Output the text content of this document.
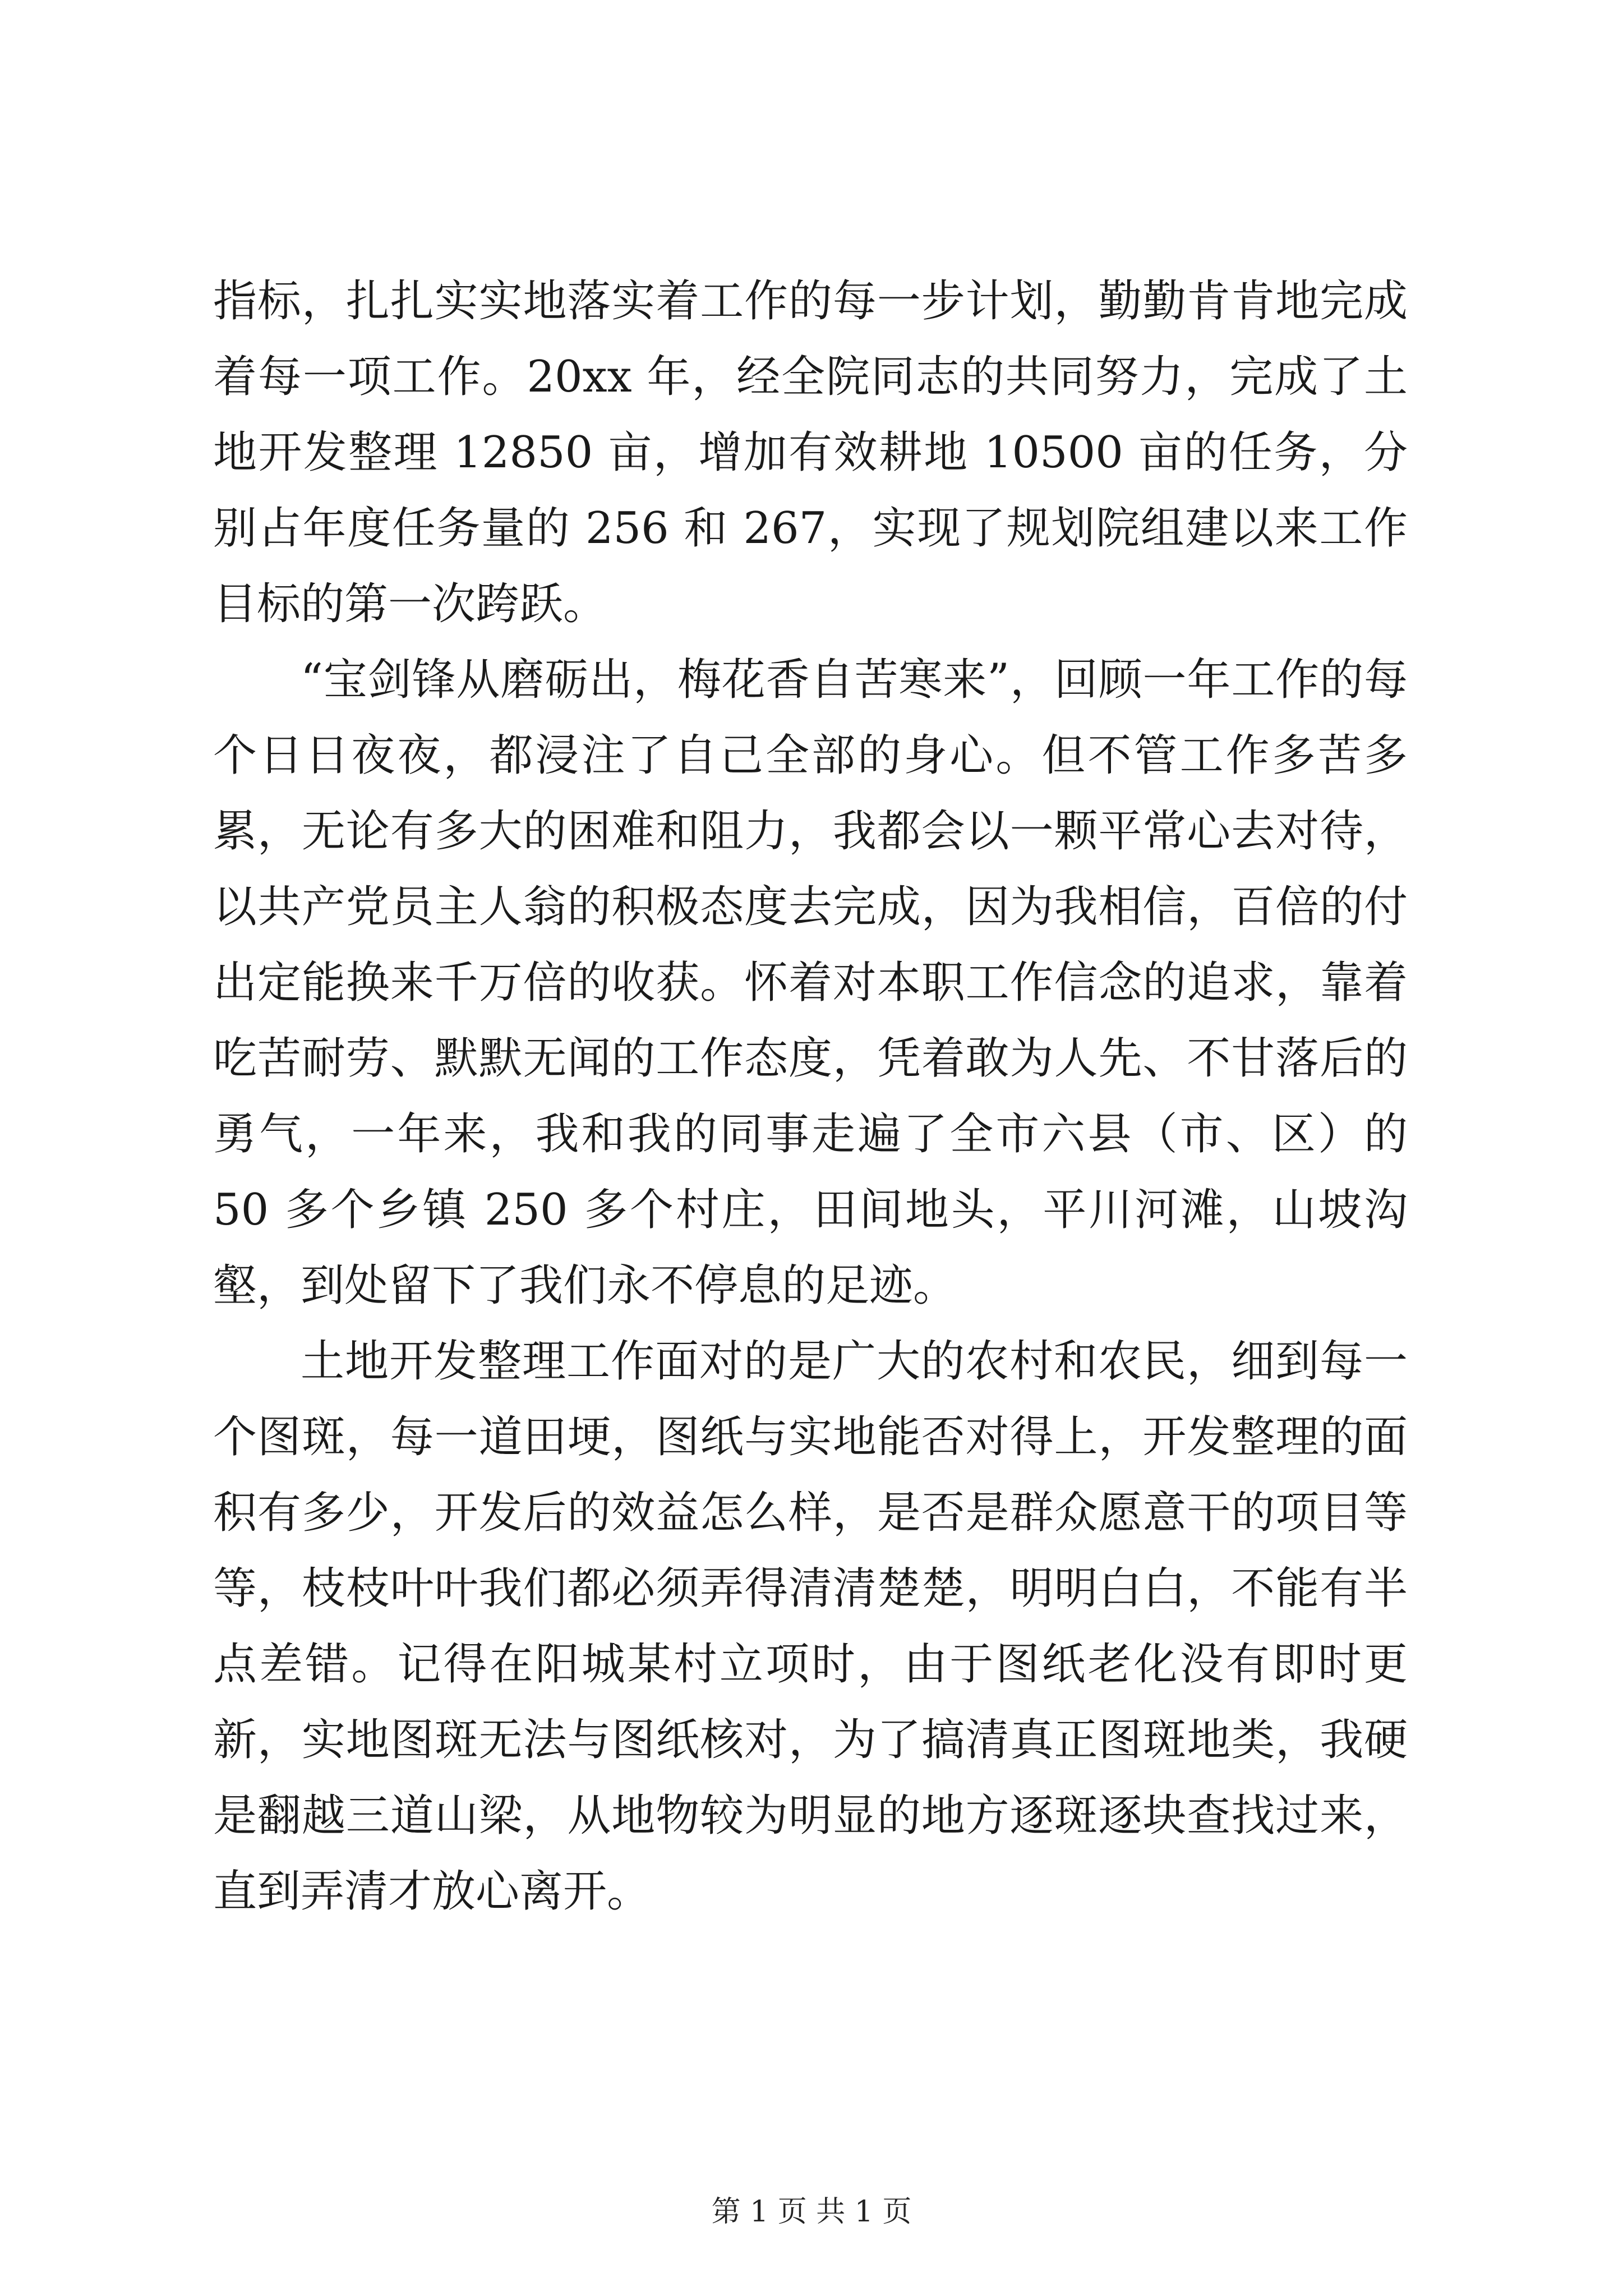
指标，扎扎实实地落实着工作的每一步计划，勤勤肯肯地完成着每一项工作。20xx 年，经全院同志的共同努力，完成了土地开发整理 12850 亩，增加有效耕地 10500 亩的任务，分别占年度任务量的 256 和 267，实现了规划院组建以来工作目标的第一次跨跃。

“宝剑锋从磨砺出，梅花香自苦寒来”，回顾一年工作的每个日日夜夜，都浸注了自己全部的身心。但不管工作多苦多累，无论有多大的困难和阻力，我都会以一颗平常心去对待，以共产党员主人翁的积极态度去完成，因为我相信，百倍的付出定能换来千万倍的收获。怀着对本职工作信念的追求，靠着吃苦耐劳、默默无闻的工作态度，凭着敢为人先、不甘落后的勇气，一年来，我和我的同事走遍了全市六县（市、区）的 50 多个乡镇 250 多个村庄，田间地头，平川河滩，山坡沟壑，到处留下了我们永不停息的足迹。

土地开发整理工作面对的是广大的农村和农民，细到每一个图斑，每一道田埂，图纸与实地能否对得上，开发整理的面积有多少，开发后的效益怎么样，是否是群众愿意干的项目等等，枝枝叶叶我们都必须弄得清清楚楚，明明白白，不能有半点差错。记得在阳城某村立项时，由于图纸老化没有即时更新，实地图斑无法与图纸核对，为了搞清真正图斑地类，我硬是翻越三道山梁，从地物较为明显的地方逐斑逐块查找过来，直到弄清才放心离开。

第 1 页 共 1 页
